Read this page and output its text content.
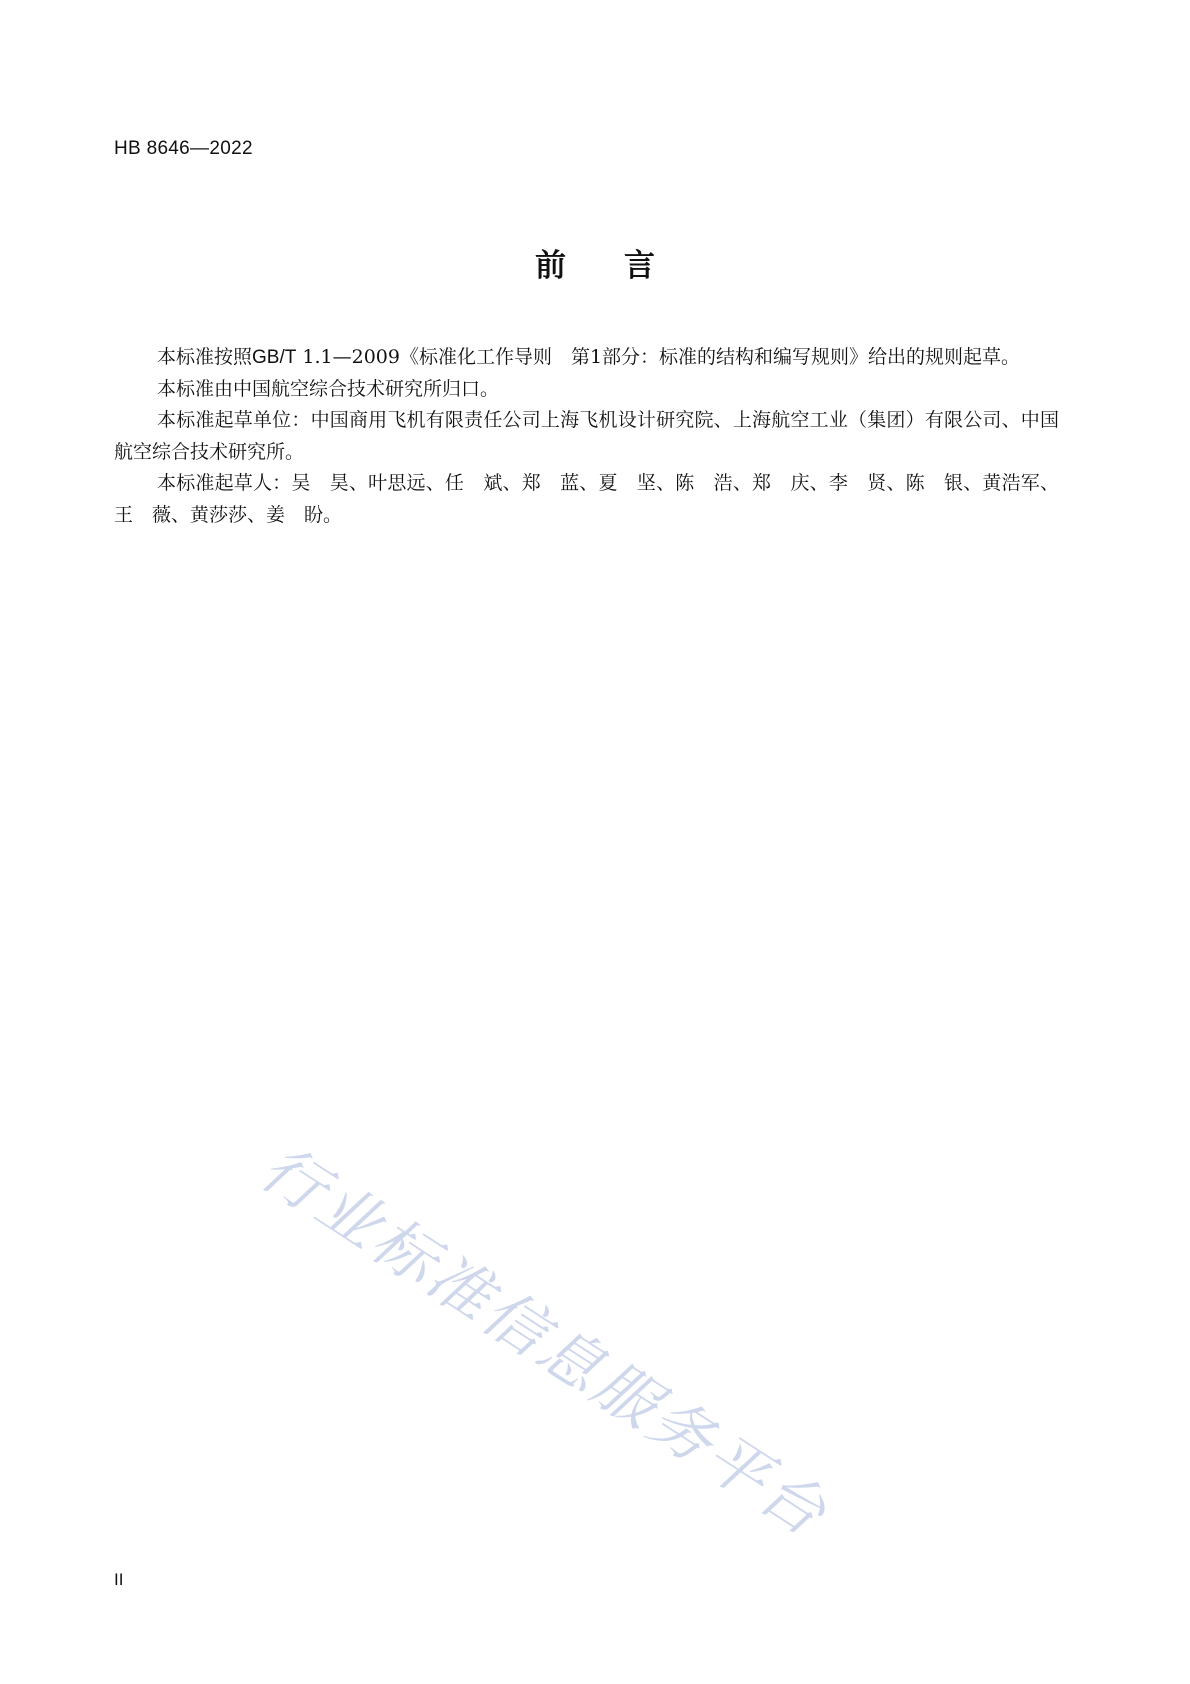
HB 8646—2022
前 言

本标准按照GB/T 1.1—2009《标准化工作导则　第1部分：标准的结构和编写规则》给出的规则起草。

本标准由中国航空综合技术研究所归口。

本标准起草单位：中国商用飞机有限责任公司上海飞机设计研究院、上海航空工业（集团）有限公司、中国航空综合技术研究所。

本标准起草人：吴　昊、叶思远、任　斌、郑　蓝、夏　坚、陈　浩、郑　庆、李　贤、陈　银、黄浩军、王　薇、黄莎莎、姜　盼。

行业标准信息服务平台
II
